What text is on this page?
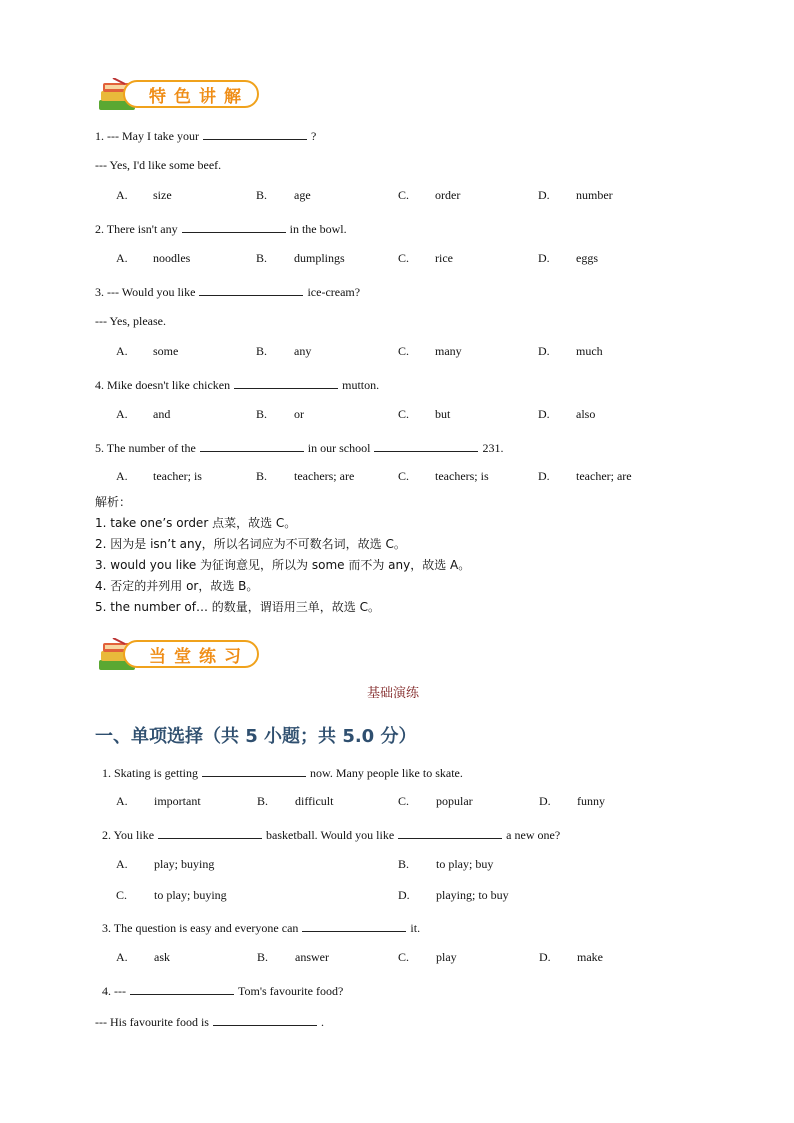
特色讲解
1. --- May I take your	?
--- Yes, I'd like some beef.
A. size	B. age	C. order	D. number
2. There isn't any	in the bowl.
A. noodles	B. dumplings	C. rice	D. eggs
3. --- Would you like	ice-cream?
--- Yes, please.
A. some	B. any	C. many	D. much
4. Mike doesn't like chicken	mutton.
A. and	B. or	C. but	D. also
5. The number of the	in our school	231.
A. teacher; is	B. teachers; are	C. teachers; is	D. teacher; are
解析：
1. take one’s order 点菜，故选 C。
2. 因为是 isn’t any，所以名词应为不可数名词，故选 C。
3. would you like 为征询意见，所以为 some 而不为 any，故选 A。
4. 否定的并列用 or，故选 B。
5. the number of… 的数量，谓语用三单，故选 C。
当堂练习
基础演练
一、单项选择（共 5 小题；共 5.0 分）
1. Skating is getting	now. Many people like to skate.
A. important	B. difficult	C. popular	D. funny
2. You like	basketball. Would you like	a new one?
A. play; buying	B. to play; buy
C. to play; buying	D. playing; to buy
3. The question is easy and everyone can	it.
A. ask	B. answer	C. play	D. make
4. ---	Tom's favourite food?
--- His favourite food is	.
